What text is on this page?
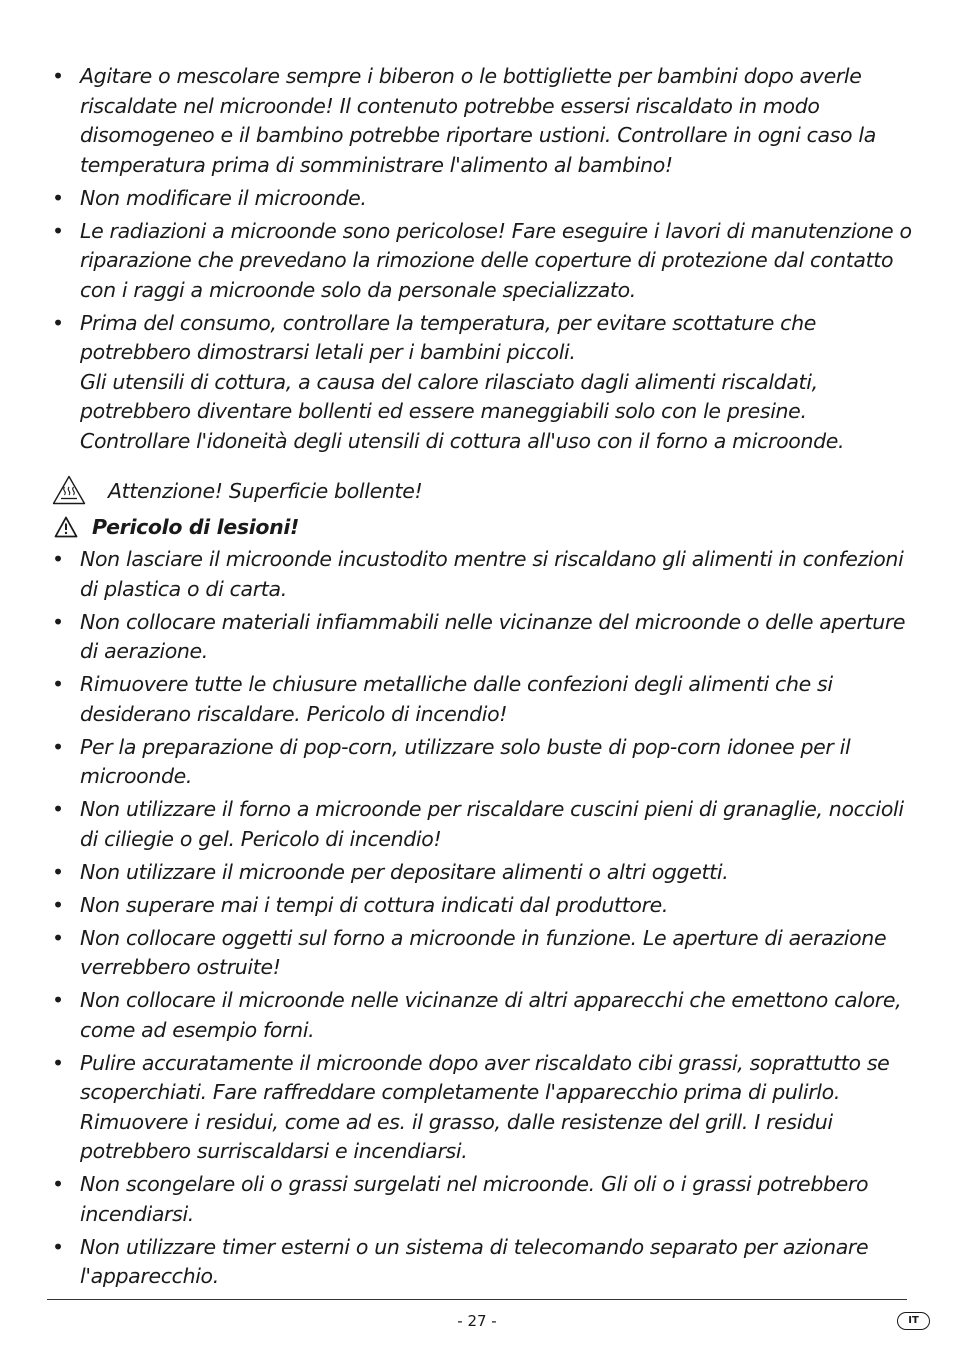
• Agitare o mescolare sempre i biberon o le bottigliette per bambini dopo averle riscaldate nel microonde! Il contenuto potrebbe essersi riscaldato in modo disomogeneo e il bambino potrebbe riportare ustioni. Controllare in ogni caso la temperatura prima di somministrare l'alimento al bambino!
• Non modificare il microonde.
• Le radiazioni a microonde sono pericolose! Fare eseguire i lavori di manutenzione o riparazione che prevedano la rimozione delle coperture di protezione dal contatto con i raggi a microonde solo da personale specializzato.
• Prima del consumo, controllare la temperatura, per evitare scottature che potrebbero dimostrarsi letali per i bambini piccoli.
Gli utensili di cottura, a causa del calore rilasciato dagli alimenti riscaldati, potrebbero diventare bollenti ed essere maneggiabili solo con le presine. Controllare l'idoneità degli utensili di cottura all'uso con il forno a microonde.
Attenzione! Superficie bollente!
Pericolo di lesioni!
• Non lasciare il microonde incustodito mentre si riscaldano gli alimenti in confezioni di plastica o di carta.
• Non collocare materiali infiammabili nelle vicinanze del microonde o delle aperture di aerazione.
• Rimuovere tutte le chiusure metalliche dalle confezioni degli alimenti che si desiderano riscaldare. Pericolo di incendio!
• Per la preparazione di pop-corn, utilizzare solo buste di pop-corn idonee per il microonde.
• Non utilizzare il forno a microonde per riscaldare cuscini pieni di granaglie, noccioli di ciliegie o gel. Pericolo di incendio!
• Non utilizzare il microonde per depositare alimenti o altri oggetti.
• Non superare mai i tempi di cottura indicati dal produttore.
• Non collocare oggetti sul forno a microonde in funzione. Le aperture di aerazione verrebbero ostruite!
• Non collocare il microonde nelle vicinanze di altri apparecchi che emettono calore, come ad esempio forni.
• Pulire accuratamente il microonde dopo aver riscaldato cibi grassi, soprattutto se scoperchiati. Fare raffreddare completamente l'apparecchio prima di pulirlo. Rimuovere i residui, come ad es. il grasso, dalle resistenze del grill. I residui potrebbero surriscaldarsi e incendiarsi.
• Non scongelare oli o grassi surgelati nel microonde. Gli oli o i grassi potrebbero incendiarsi.
• Non utilizzare timer esterni o un sistema di telecomando separato per azionare l'apparecchio.
- 27 -	IT
